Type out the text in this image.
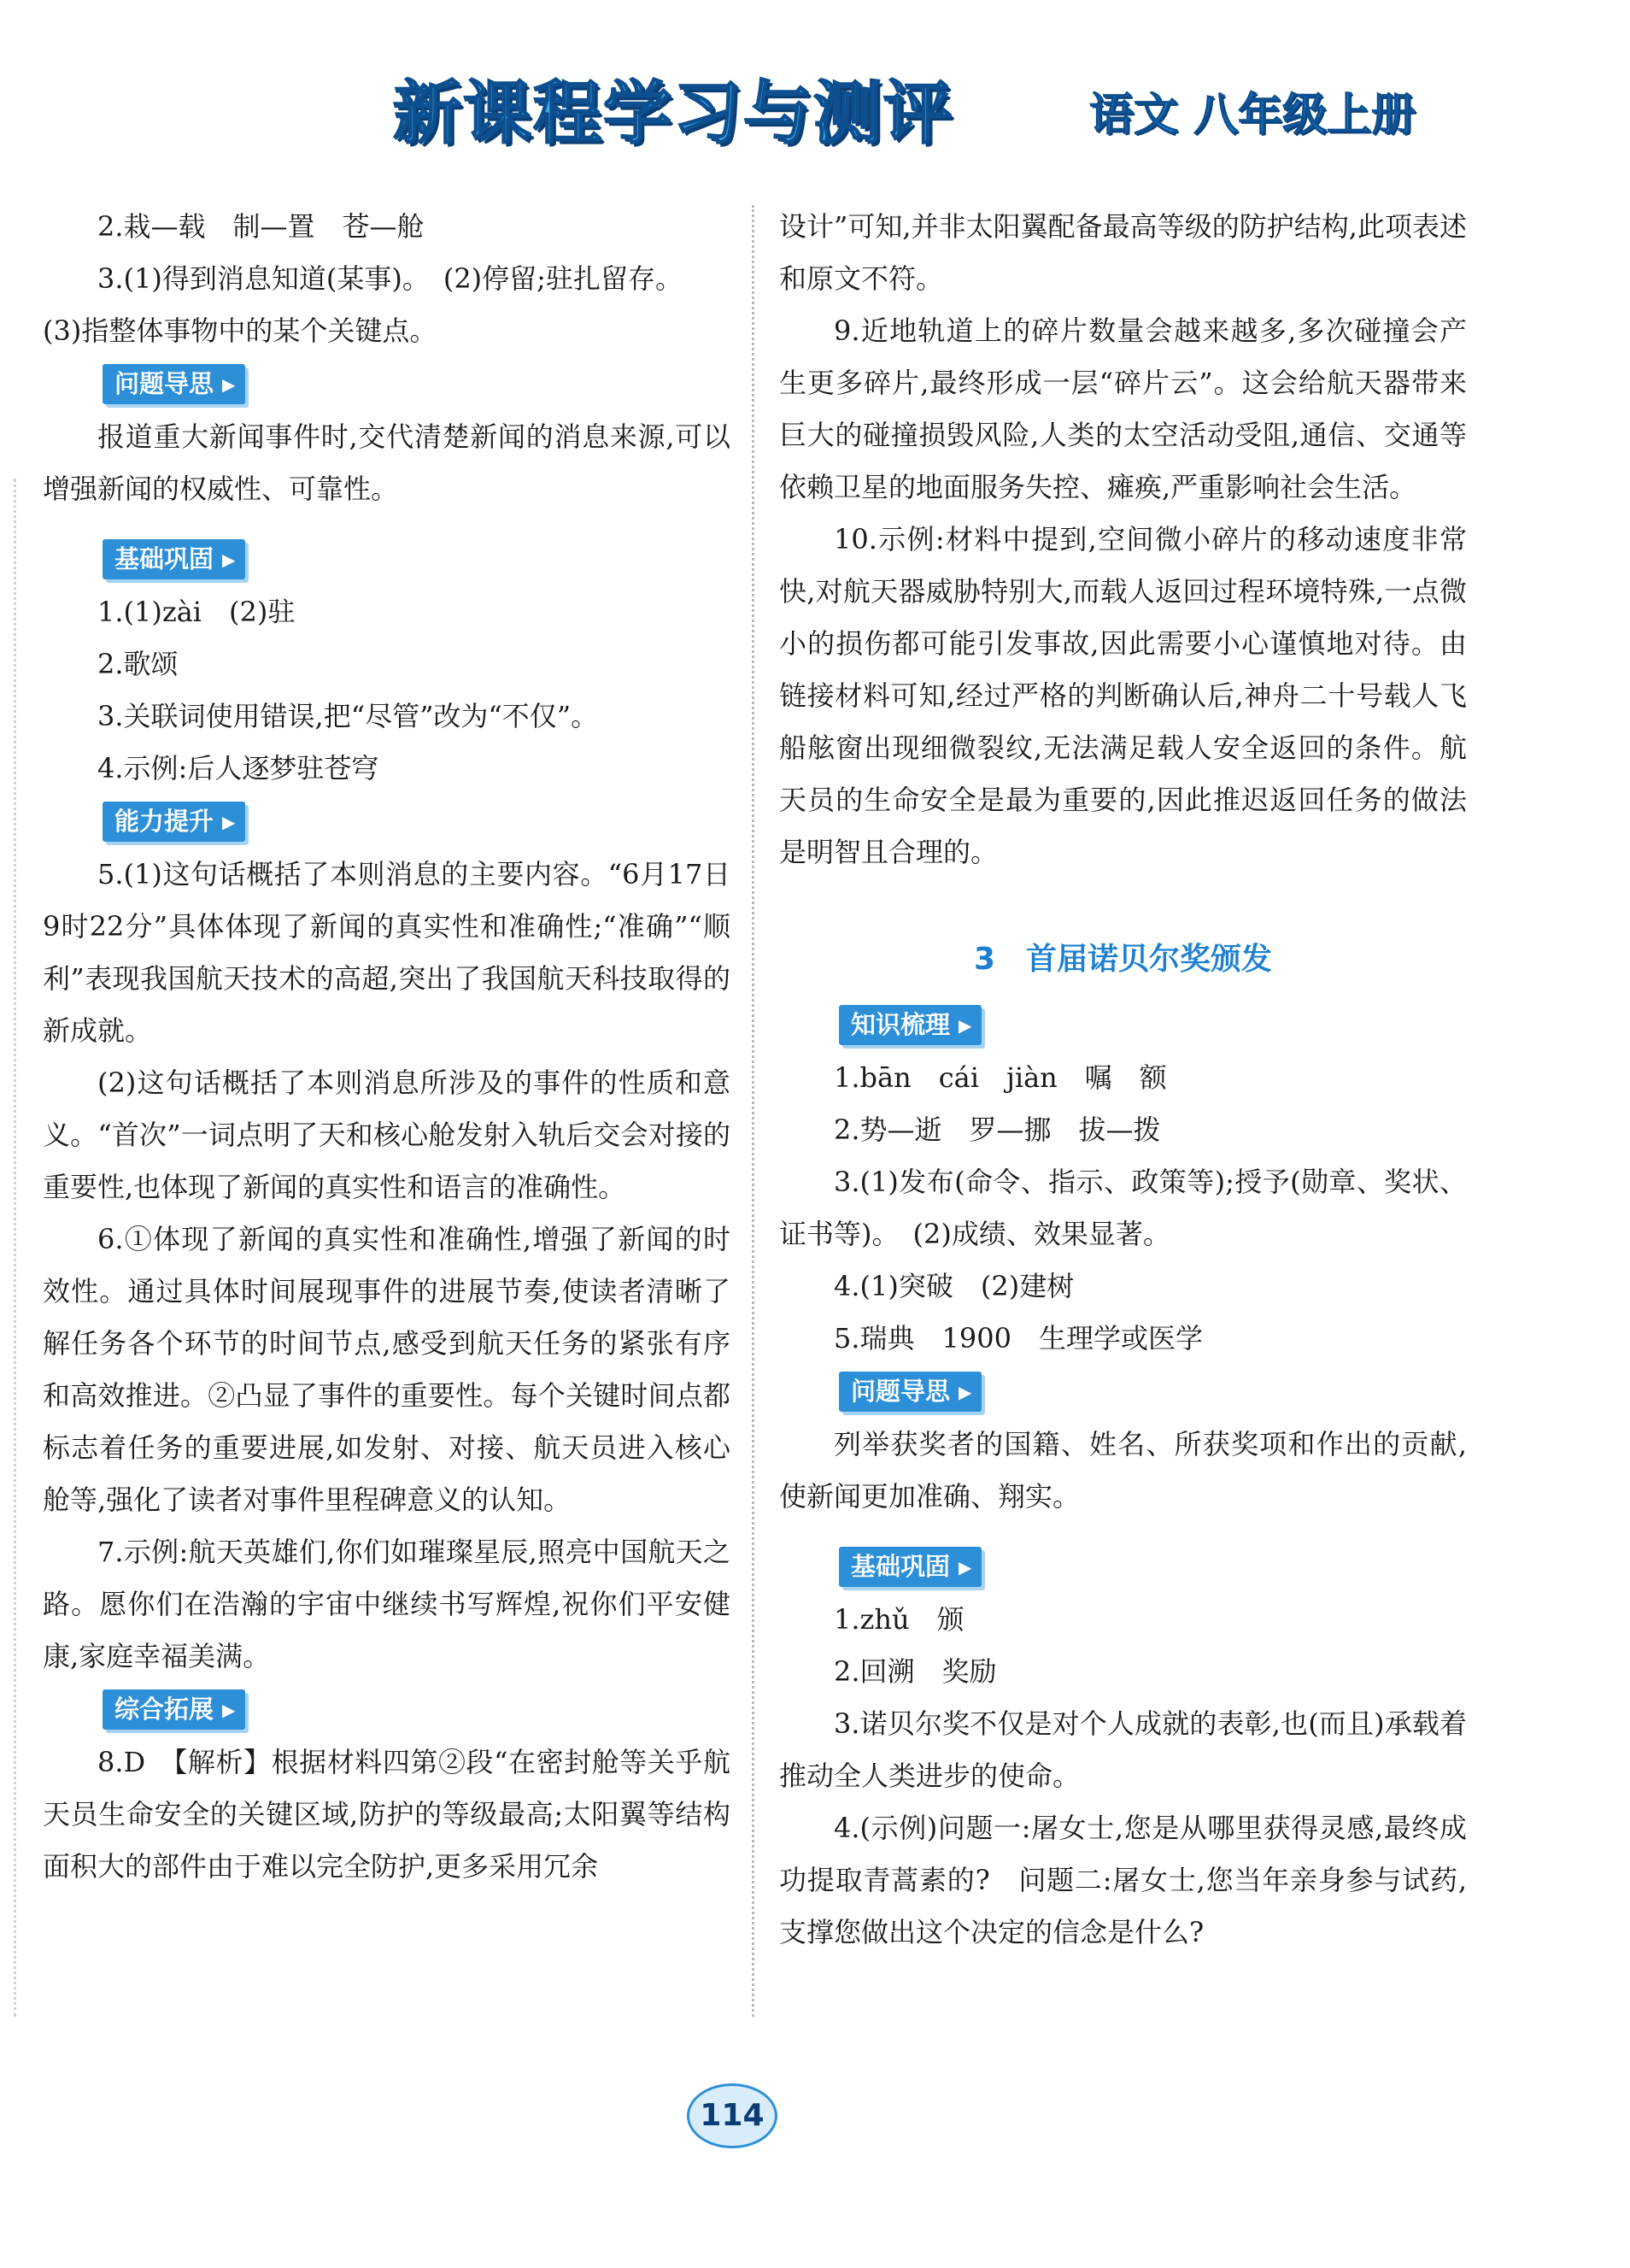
新课程学习与测评	语文 八年级上册

2.栽—载　制—置　苍—舱

3.(1)得到消息知道(某事)。　(2)停留;驻扎留存。

(3)指整体事物中的某个关键点。

问题导思 ▶

报道重大新闻事件时,交代清楚新闻的消息来源,可以增强新闻的权威性、可靠性。

基础巩固 ▶

1.(1)zài　(2)驻

2.歌颂

3.关联词使用错误,把“尽管”改为“不仅”。

4.示例:后人逐梦驻苍穹

能力提升 ▶

5.(1)这句话概括了本则消息的主要内容。“6月17日9时22分”具体体现了新闻的真实性和准确性;“准确”“顺利”表现我国航天技术的高超,突出了我国航天科技取得的新成就。

(2)这句话概括了本则消息所涉及的事件的性质和意义。“首次”一词点明了天和核心舱发射入轨后交会对接的重要性,也体现了新闻的真实性和语言的准确性。

6.①体现了新闻的真实性和准确性,增强了新闻的时效性。通过具体时间展现事件的进展节奏,使读者清晰了解任务各个环节的时间节点,感受到航天任务的紧张有序和高效推进。②凸显了事件的重要性。每个关键时间点都标志着任务的重要进展,如发射、对接、航天员进入核心舱等,强化了读者对事件里程碑意义的认知。

7.示例:航天英雄们,你们如璀璨星辰,照亮中国航天之路。愿你们在浩瀚的宇宙中继续书写辉煌,祝你们平安健康,家庭幸福美满。

综合拓展 ▶

8.D　【解析】根据材料四第②段“在密封舱等关乎航天员生命安全的关键区域,防护的等级最高;太阳翼等结构面积大的部件由于难以完全防护,更多采用冗余

设计”可知,并非太阳翼配备最高等级的防护结构,此项表述和原文不符。

9.近地轨道上的碎片数量会越来越多,多次碰撞会产生更多碎片,最终形成一层“碎片云”。这会给航天器带来巨大的碰撞损毁风险,人类的太空活动受阻,通信、交通等依赖卫星的地面服务失控、瘫痪,严重影响社会生活。

10.示例:材料中提到,空间微小碎片的移动速度非常快,对航天器威胁特别大,而载人返回过程环境特殊,一点微小的损伤都可能引发事故,因此需要小心谨慎地对待。由链接材料可知,经过严格的判断确认后,神舟二十号载人飞船舷窗出现细微裂纹,无法满足载人安全返回的条件。航天员的生命安全是最为重要的,因此推迟返回任务的做法是明智且合理的。

3 首届诺贝尔奖颁发
知识梳理 ▶

1.bān　cái　jiàn　嘱　额

2.势—逝　罗—挪　拔—拨

3.(1)发布(命令、指示、政策等);授予(勋章、奖状、证书等)。　(2)成绩、效果显著。

4.(1)突破　(2)建树

5.瑞典　1900　生理学或医学

问题导思 ▶

列举获奖者的国籍、姓名、所获奖项和作出的贡献,使新闻更加准确、翔实。

基础巩固 ▶

1.zhǔ　颁

2.回溯　奖励

3.诺贝尔奖不仅是对个人成就的表彰,也(而且)承载着推动全人类进步的使命。

4.(示例)问题一:屠女士,您是从哪里获得灵感,最终成功提取青蒿素的?　问题二:屠女士,您当年亲身参与试药,支撑您做出这个决定的信念是什么?

114
